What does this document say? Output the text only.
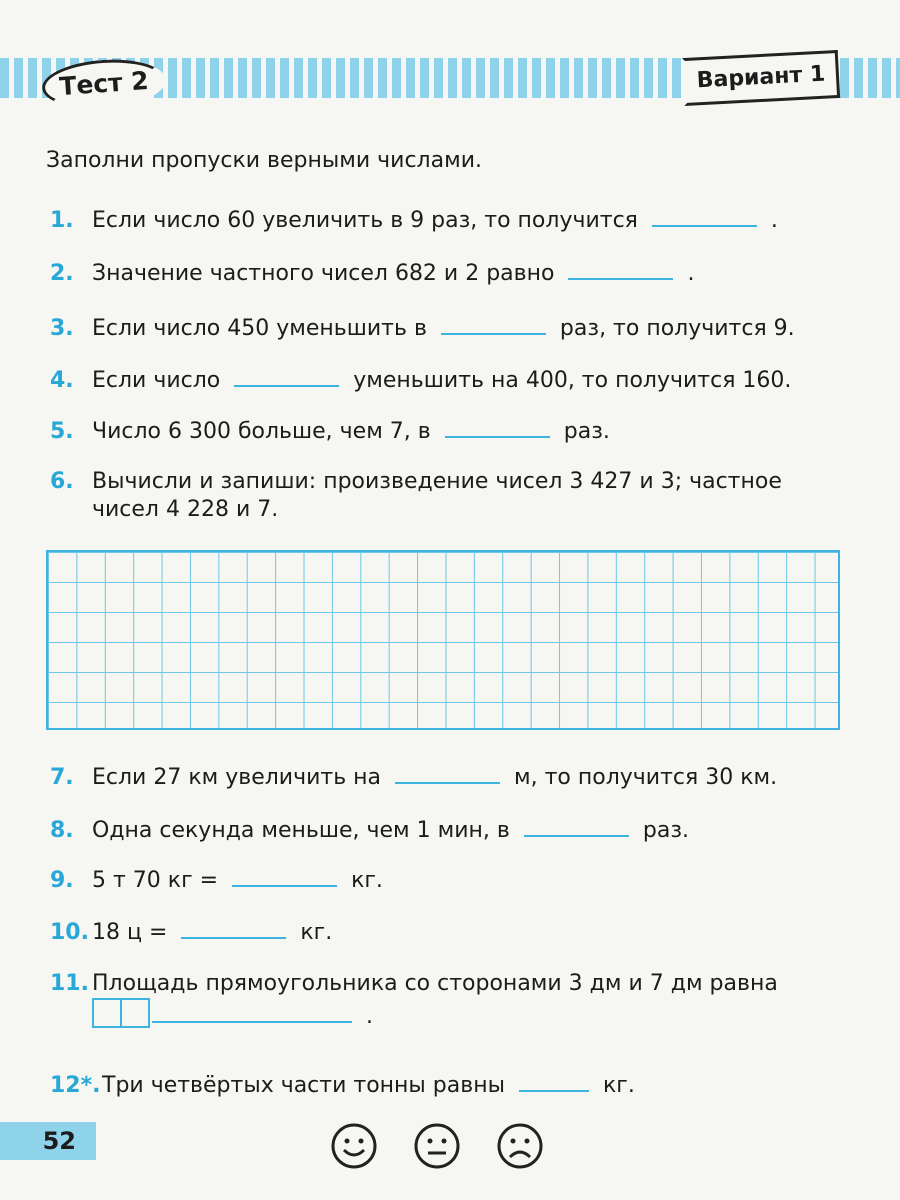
Тест 2	Вариант 1
Заполни пропуски верными числами.
1. Если число 60 увеличить в 9 раз, то получится	.
2. Значение частного чисел 682 и 2 равно	.
3. Если число 450 уменьшить в	раз, то получится 9.
4. Если число	уменьшить на 400, то получится 160.
5. Число 6 300 больше, чем 7, в	раз.
6. Вычисли и запиши: произведение чисел 3 427 и 3; частное
чисел 4 228 и 7.
7. Если 27 км увеличить на	м, то получится 30 км.
8. Одна секунда меньше, чем 1 мин, в	раз.
9. 5 т 70 кг =	кг.
10. 18 ц =	кг.
11. Площадь прямоугольника со сторонами 3 дм и 7 дм равна
.
12*.Три четвёртых части тонны равны	кг.
52
